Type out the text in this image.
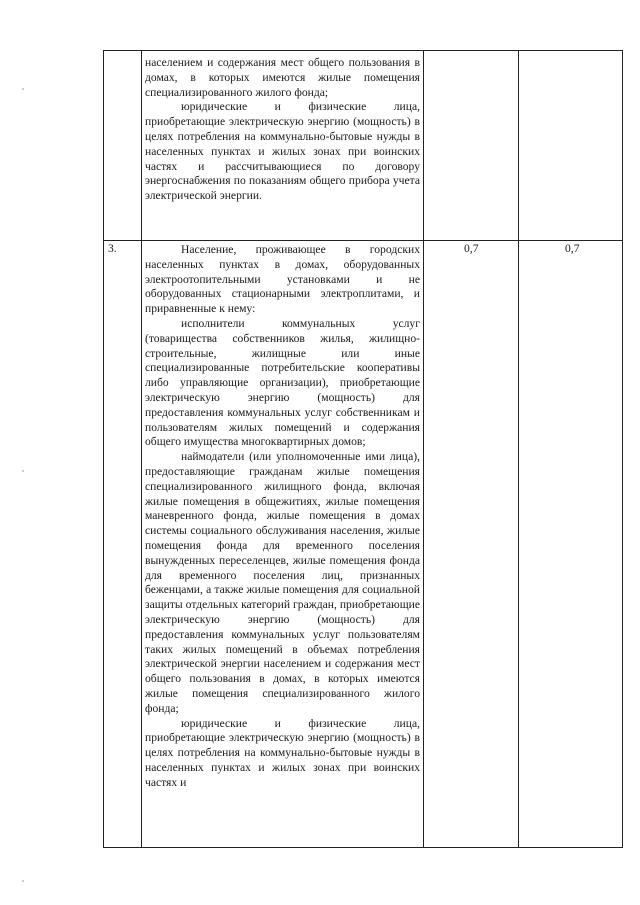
населением и содержания мест общего пользования в домах, в которых имеются жилые помещения специализированного жилого фонда;

юридические и физические лица, приобретающие электрическую энергию (мощность) в целях потребления на коммунально-бытовые нужды в населенных пунктах и жилых зонах при воинских частях и рассчитывающиеся по договору энергоснабжения по показаниям общего прибора учета электрической энергии.

3.	0,7	0,7

Население, проживающее в городских населенных пунктах в домах, оборудованных электроотопительными установками и не оборудованных стационарными электроплитами, и приравненные к нему:

исполнители коммунальных услуг (товарищества собственников жилья, жилищно-строительные, жилищные или иные специализированные потребительские кооперативы либо управляющие организации), приобретающие электрическую энергию (мощность) для предоставления коммунальных услуг собственникам и пользователям жилых помещений и содержания общего имущества многоквартирных домов;

наймодатели (или уполномоченные ими лица), предоставляющие гражданам жилые помещения специализированного жилищного фонда, включая жилые помещения в общежитиях, жилые помещения маневренного фонда, жилые помещения в домах системы социального обслуживания населения, жилые помещения фонда для временного поселения вынужденных переселенцев, жилые помещения фонда для временного поселения лиц, признанных беженцами, а также жилые помещения для социальной защиты отдельных категорий граждан, приобретающие электрическую энергию (мощность) для предоставления коммунальных услуг пользователям таких жилых помещений в объемах потребления электрической энергии населением и содержания мест общего пользования в домах, в которых имеются жилые помещения специализированного жилого фонда;

юридические и физические лица, приобретающие электрическую энергию (мощность) в целях потребления на коммунально-бытовые нужды в населенных пунктах и жилых зонах при воинских частях и
